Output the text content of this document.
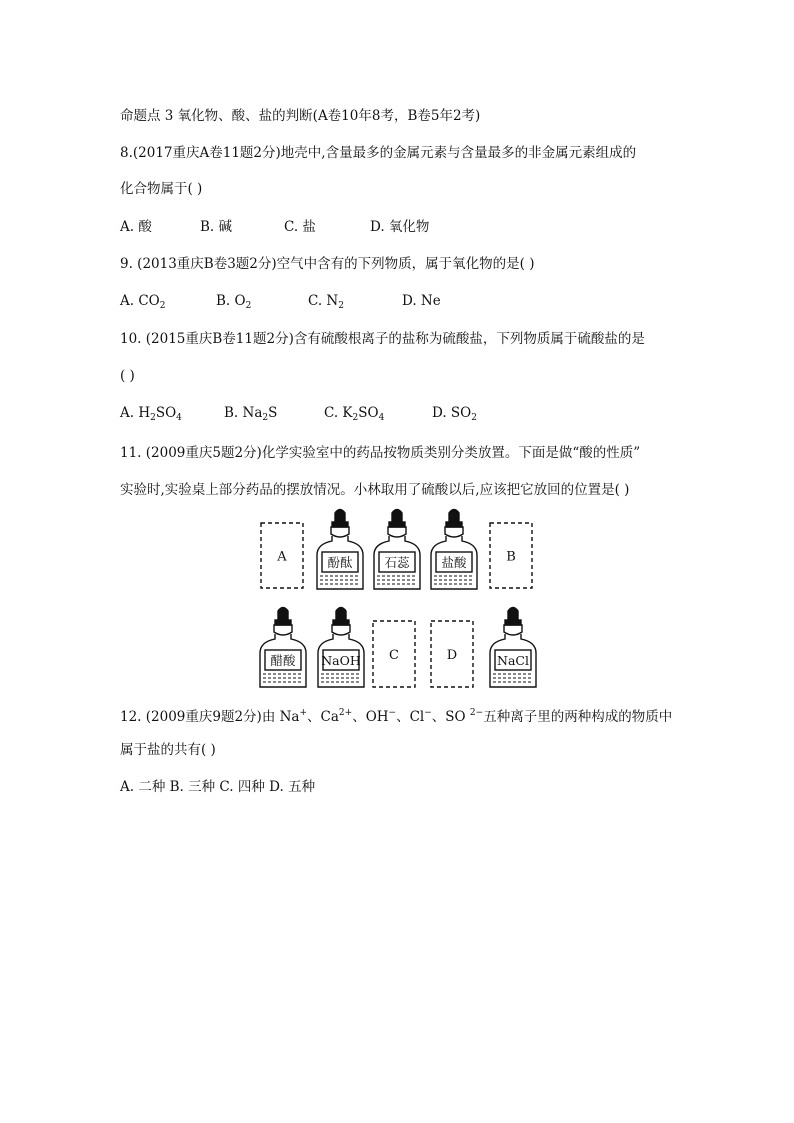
命题点 3 氧化物、酸、盐的判断(A卷10年8考，B卷5年2考)
8.(2017重庆A卷11题2分)地壳中,含量最多的金属元素与含量最多的非金属元素组成的
化合物属于( )
A. 酸	B. 碱	C. 盐	D. 氧化物
9. (2013重庆B卷3题2分)空气中含有的下列物质，属于氧化物的是( )
A. $CO_2$	B. $O_2$	C. $N_2$	D. Ne
10. (2015重庆B卷11题2分)含有硫酸根离子的盐称为硫酸盐，下列物质属于硫酸盐的是
( )
A. $H_2SO_4$	B. $Na_2S$	C. $K_2SO_4$	D. $SO_2$
11. (2009重庆5题2分)化学实验室中的药品按物质类别分类放置。下面是做“酸的性质”
实验时,实验桌上部分药品的摆放情况。小林取用了硫酸以后,应该把它放回的位置是( )
A	酚酞	石蕊	盐酸	B
醋酸 NaOH C	D	NaCl
12. (2009重庆9题2分)由 Na+、$Ca^{2+}$、OH−、Cl−、SO $^{2-}$五种离子里的两种构成的物质中
属于盐的共有( )
A. 二种 B. 三种 C. 四种 D. 五种
